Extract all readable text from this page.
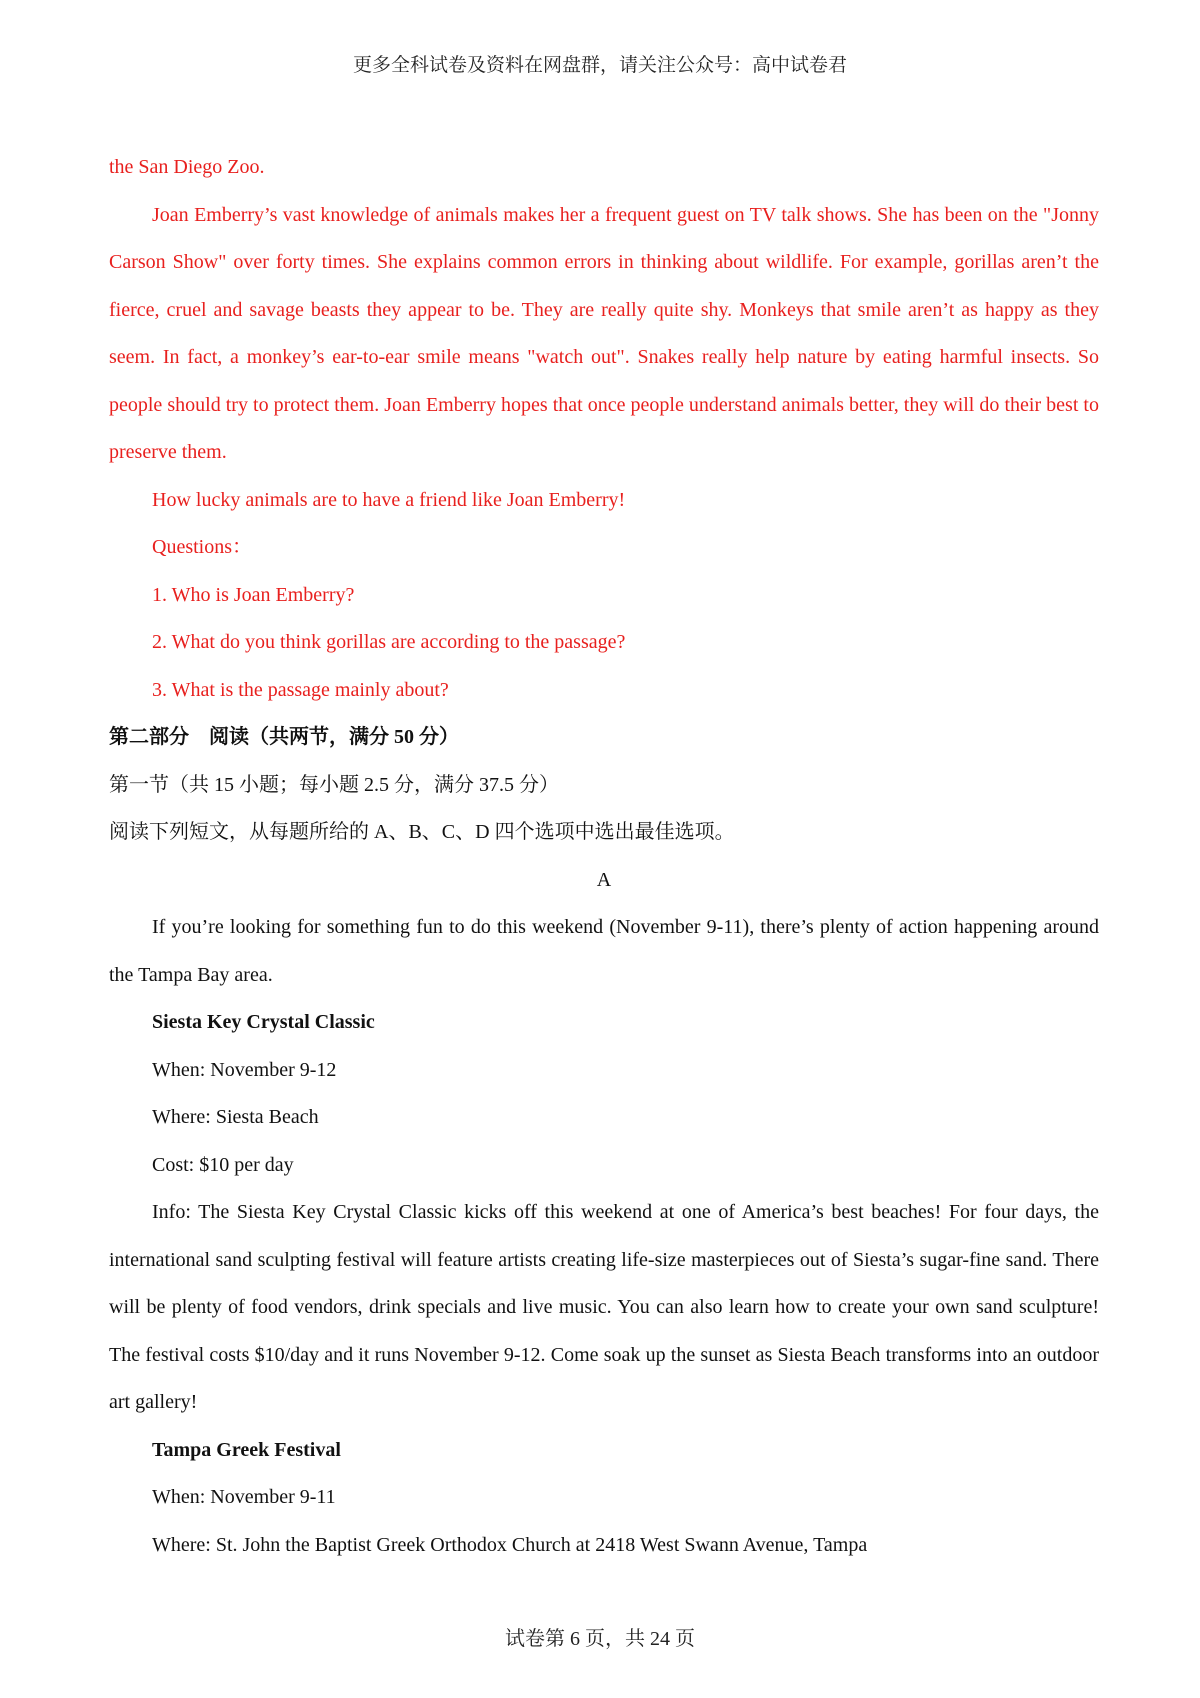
更多全科试卷及资料在网盘群，请关注公众号：高中试卷君

the San Diego Zoo.

Joan Emberry’s vast knowledge of animals makes her a frequent guest on TV talk shows. She has been on the "Jonny Carson Show" over forty times. She explains common errors in thinking about wildlife. For example, gorillas aren’t the fierce, cruel and savage beasts they appear to be. They are really quite shy. Monkeys that smile aren’t as happy as they seem. In fact, a monkey’s ear-to-ear smile means "watch out". Snakes really help nature by eating harmful insects. So people should try to protect them. Joan Emberry hopes that once people understand animals better, they will do their best to preserve them.

How lucky animals are to have a friend like Joan Emberry!

Questions：

1. Who is Joan Emberry?

2. What do you think gorillas are according to the passage?

3. What is the passage mainly about?

第二部分　阅读（共两节，满分 50 分）

第一节（共 15 小题；每小题 2.5 分，满分 37.5 分）

阅读下列短文，从每题所给的 A、B、C、D 四个选项中选出最佳选项。

A

If you’re looking for something fun to do this weekend (November 9-11), there’s plenty of action happening around the Tampa Bay area.

Siesta Key Crystal Classic

When: November 9-12

Where: Siesta Beach

Cost: $10 per day

Info: The Siesta Key Crystal Classic kicks off this weekend at one of America’s best beaches! For four days, the international sand sculpting festival will feature artists creating life-size masterpieces out of Siesta’s sugar-fine sand. There will be plenty of food vendors, drink specials and live music. You can also learn how to create your own sand sculpture! The festival costs $10/day and it runs November 9-12. Come soak up the sunset as Siesta Beach transforms into an outdoor art gallery!

Tampa Greek Festival

When: November 9-11

Where: St. John the Baptist Greek Orthodox Church at 2418 West Swann Avenue, Tampa

试卷第 6 页，共 24 页
